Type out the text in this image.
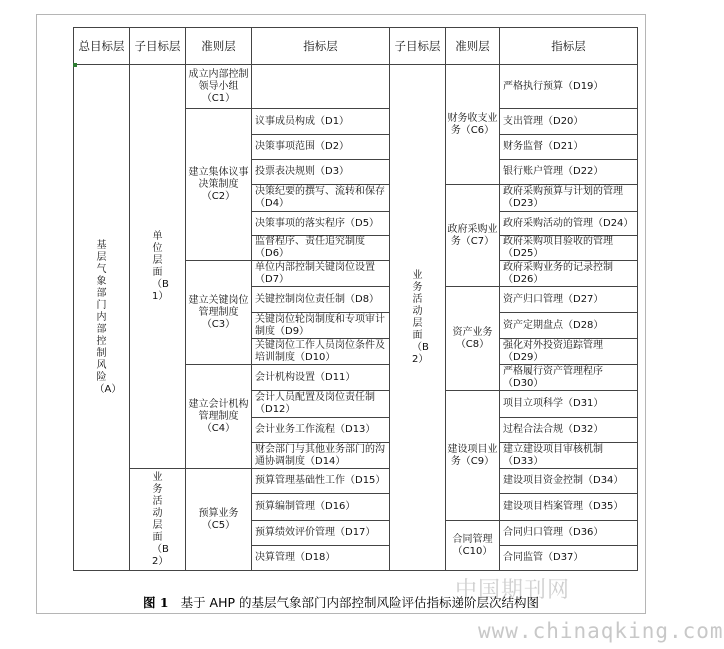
总目标层	子目标层	准则层	指标层	子目标层	准则层	指标层

基层气象部门内部控制风险（A）	单位层面（B1）	成立内部控制领导小组（C1）		业务活动层面（B2）	财务收支业务（C6）	严格执行预算（D19）
		建立集体议事决策制度（C2）	议事成员构成（D1）			支出管理（D20）
			决策事项范围（D2）			财务监督（D21）
			投票表决规则（D3）			银行账户管理（D22）
			决策纪要的撰写、流转和保存（D4）		政府采购业务（C7）	政府采购预算与计划的管理（D23）
			决策事项的落实程序（D5）			政府采购活动的管理（D24）
			监督程序、责任追究制度（D6）			政府采购项目验收的管理（D25）
		建立关键岗位管理制度（C3）	单位内部控制关键岗位设置（D7）			政府采购业务的记录控制（D26）
			关键控制岗位责任制（D8）		资产业务（C8）	资产归口管理（D27）
			关键岗位轮岗制度和专项审计制度（D9）			资产定期盘点（D28）
			关键岗位工作人员岗位条件及培训制度（D10）			强化对外投资追踪管理（D29）
		建立会计机构管理制度（C4）	会计机构设置（D11）			严格履行资产管理程序（D30）
			会计人员配置及岗位责任制（D12）		建设项目业务（C9）	项目立项科学（D31）
			会计业务工作流程（D13）			过程合法合规（D32）
			财会部门与其他业务部门的沟通协调制度（D14）			建立建设项目审核机制（D33）

	业务活动层面（B2）	预算业务（C5）	预算管理基础性工作（D15）			建设项目资金控制（D34）
			预算编制管理（D16）			建设项目档案管理（D35）
			预算绩效评价管理（D17）		合同管理（C10）	合同归口管理（D36）
			决算管理（D18）			合同监管（D37）
中国期刊网
图 1 基于 AHP 的基层气象部门内部控制风险评估指标递阶层次结构图
www.chinaqking.com
